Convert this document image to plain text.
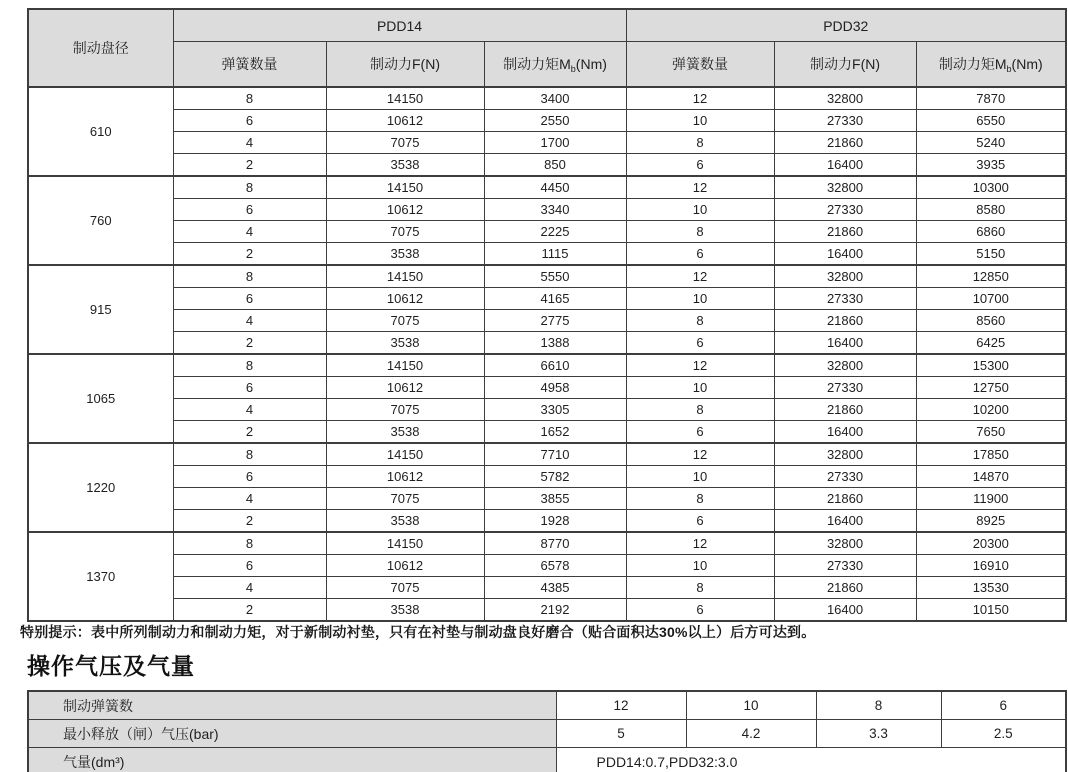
制动盘径	PDD14			PDD32		
	弹簧数量	制动力F(N)	制动力矩$M_b(Nm)$	弹簧数量	制动力F(N)	制动力矩$M_b(Nm)$
610	8	14150	3400	12	32800	7870
	6	10612	2550	10	27330	6550
	4	7075	1700	8	21860	5240
	2	3538	850	6	16400	3935
760	8	14150	4450	12	32800	10300
	6	10612	3340	10	27330	8580
	4	7075	2225	8	21860	6860
	2	3538	1115	6	16400	5150
915	8	14150	5550	12	32800	12850
	6	10612	4165	10	27330	10700
	4	7075	2775	8	21860	8560
	2	3538	1388	6	16400	6425
1065	8	14150	6610	12	32800	15300
	6	10612	4958	10	27330	12750
	4	7075	3305	8	21860	10200
	2	3538	1652	6	16400	7650
1220	8	14150	7710	12	32800	17850
	6	10612	5782	10	27330	14870
	4	7075	3855	8	21860	11900
	2	3538	1928	6	16400	8925
1370	8	14150	8770	12	32800	20300
	6	10612	6578	10	27330	16910
	4	7075	4385	8	21860	13530
	2	3538	2192	6	16400	10150
特别提示：表中所列制动力和制动力矩，对于新制动衬垫，只有在衬垫与制动盘良好磨合（贴合面积达30%以上）后方可达到。
操作气压及气量
制动弹簧数	12	10	8	6
最小释放（闸）气压(bar)	5	4.2	3.3	2.5
气量(dm³)	PDD14:0.7,PDD32:3.0			
